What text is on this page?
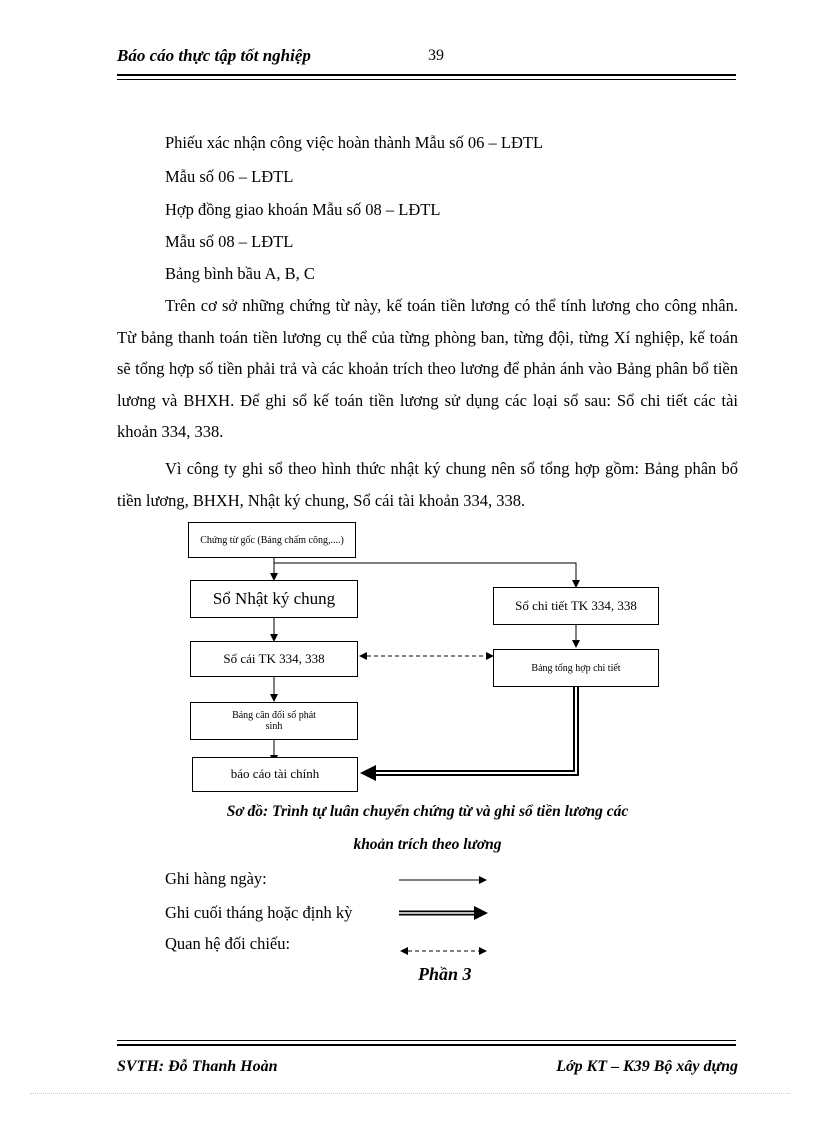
Báo cáo thực tập tốt nghiệp	39
Phiếu xác nhận công việc hoàn thành Mẫu số 06 – LĐTL
Mẫu số 06 – LĐTL
Hợp đồng giao khoán Mẫu số 08 – LĐTL
Mẫu số 08 – LĐTL
Bảng bình bầu A, B, C

Trên cơ sở những chứng từ này, kế toán tiền lương có thể tính lương cho công nhân. Từ bảng thanh toán tiền lương cụ thể của từng phòng ban, từng đội, từng Xí nghiệp, kế toán sẽ tổng hợp số tiền phải trả và các khoản trích theo lương để phản ánh vào Bảng phân bổ tiền lương và BHXH. Để ghi sổ kế toán tiền lương sử dụng các loại sổ sau: Sổ chi tiết các tài khoản 334, 338.

Vì công ty ghi sổ theo hình thức nhật ký chung nên sổ tổng hợp gồm: Bảng phân bổ tiền lương, BHXH, Nhật ký chung, Sổ cái tài khoản 334, 338.

Chứng từ gốc (Bảng chấm công,....)
Sổ Nhật ký chung	Sổ chi tiết TK 334, 338
Sổ cái TK 334, 338
Bảng tổng hợp chi tiết
Bảng cân đối số phát sinh
báo cáo tài chính
Sơ đồ: Trình tự luân chuyển chứng từ và ghi sổ tiền lương các
khoản trích theo lương
Ghi hàng ngày:
Ghi cuối tháng hoặc định kỳ
Quan hệ đối chiếu:
Phần 3
SVTH: Đỗ Thanh Hoàn	Lớp KT – K39 Bộ xây dựng
